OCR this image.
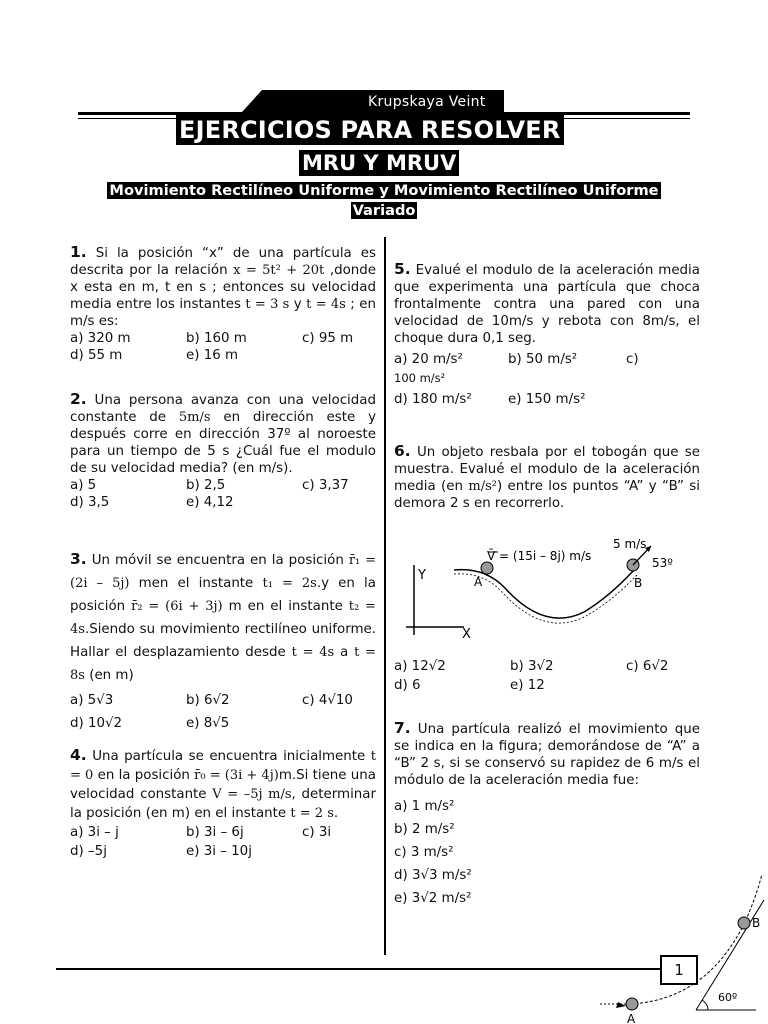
Krupskaya Veint
EJERCICIOS PARA RESOLVER
MRU Y MRUV
Movimiento Rectilíneo Uniforme y Movimiento Rectilíneo Uniforme
Variado
1. Si la posición “x” de una partícula es descrita por la relación x = 5t² + 20t ,donde x esta en m, t en s ; entonces su velocidad media entre los instantes t = 3 s y t = 4s ; en m/s es:
a) 320 m	b) 160 m	c) 95 m
d) 55 m	e) 16 m
2. Una persona avanza con una velocidad constante de 5m/s en dirección este y después corre en dirección 37º al noroeste para un tiempo de 5 s ¿Cuál fue el modulo de su velocidad media? (en m/s).
a) 5	b) 2,5	c) 3,37
d) 3,5	e) 4,12
3. Un móvil se encuentra en la posición r̄₁ = (2i – 5j) men el instante t₁ = 2s.y en la posición r̄₂ = (6i + 3j) m en el instante t₂ = 4s.Siendo su movimiento rectilíneo uniforme. Hallar el desplazamiento desde t = 4s a t = 8s (en m)
a) 5√3	b) 6√2	c) 4√10
d) 10√2	e) 8√5
4. Una partícula se encuentra inicialmente t = 0 en la posición r̄₀ = (3i + 4j)m.Si tiene una velocidad constante V = –5j m/s, determinar la posición (en m) en el instante t = 2 s.
a) 3i – j	b) 3i – 6j	c) 3i
d) –5j	e) 3i – 10j
5. Evalué el modulo de la aceleración media que experimenta una partícula que choca frontalmente contra una pared con una velocidad de 10m/s y rebota con 8m/s, el choque dura 0,1 seg.
a) 20 m/s²	b) 50 m/s²	c)
100 m/s²
d) 180 m/s²	e) 150 m/s²
6. Un objeto resbala por el tobogán que se muestra. Evalué el modulo de la aceleración media (en m/s²) entre los puntos “A” y “B” si demora 2 s en recorrerlo.
Y
X
V̄ = (15i – 8j) m/s
5 m/s
53º
A	B
a) 12√2	b) 3√2	c) 6√2
d) 6	e) 12
7. Una partícula realizó el movimiento que se indica en la figura; demorándose de “A” a “B” 2 s, si se conservó su rapidez de 6 m/s el módulo de la aceleración media fue:
a) 1 m/s²
b) 2 m/s²
c) 3 m/s²
d) 3√3 m/s²
e) 3√2 m/s²
A
B
60º
1
